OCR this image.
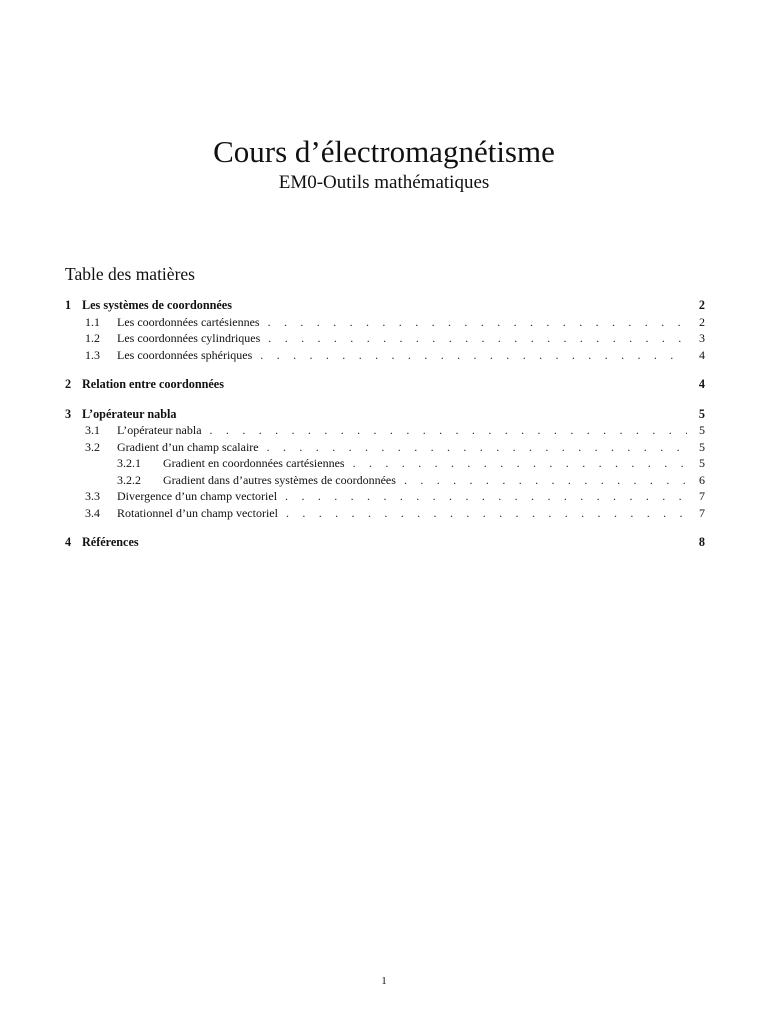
Cours d’électromagnétisme
EM0-Outils mathématiques
Table des matières
1 Les systèmes de coordonnées	2
1.1	Les coordonnées cartésiennes . . .	2
1.2	Les coordonnées cylindriques . . .	3
1.3	Les coordonnées sphériques . . .	4
2 Relation entre coordonnées	4
3 L’opérateur nabla	5
3.1	L’opérateur nabla . . .	5
3.2	Gradient d’un champ scalaire . . .	5
3.2.1	Gradient en coordonnées cartésiennes . . .	5
3.2.2	Gradient dans d’autres systèmes de coordonnées . . .	6
3.3	Divergence d’un champ vectoriel . . .	7
3.4	Rotationnel d’un champ vectoriel . . .	7
4 Références	8
1
